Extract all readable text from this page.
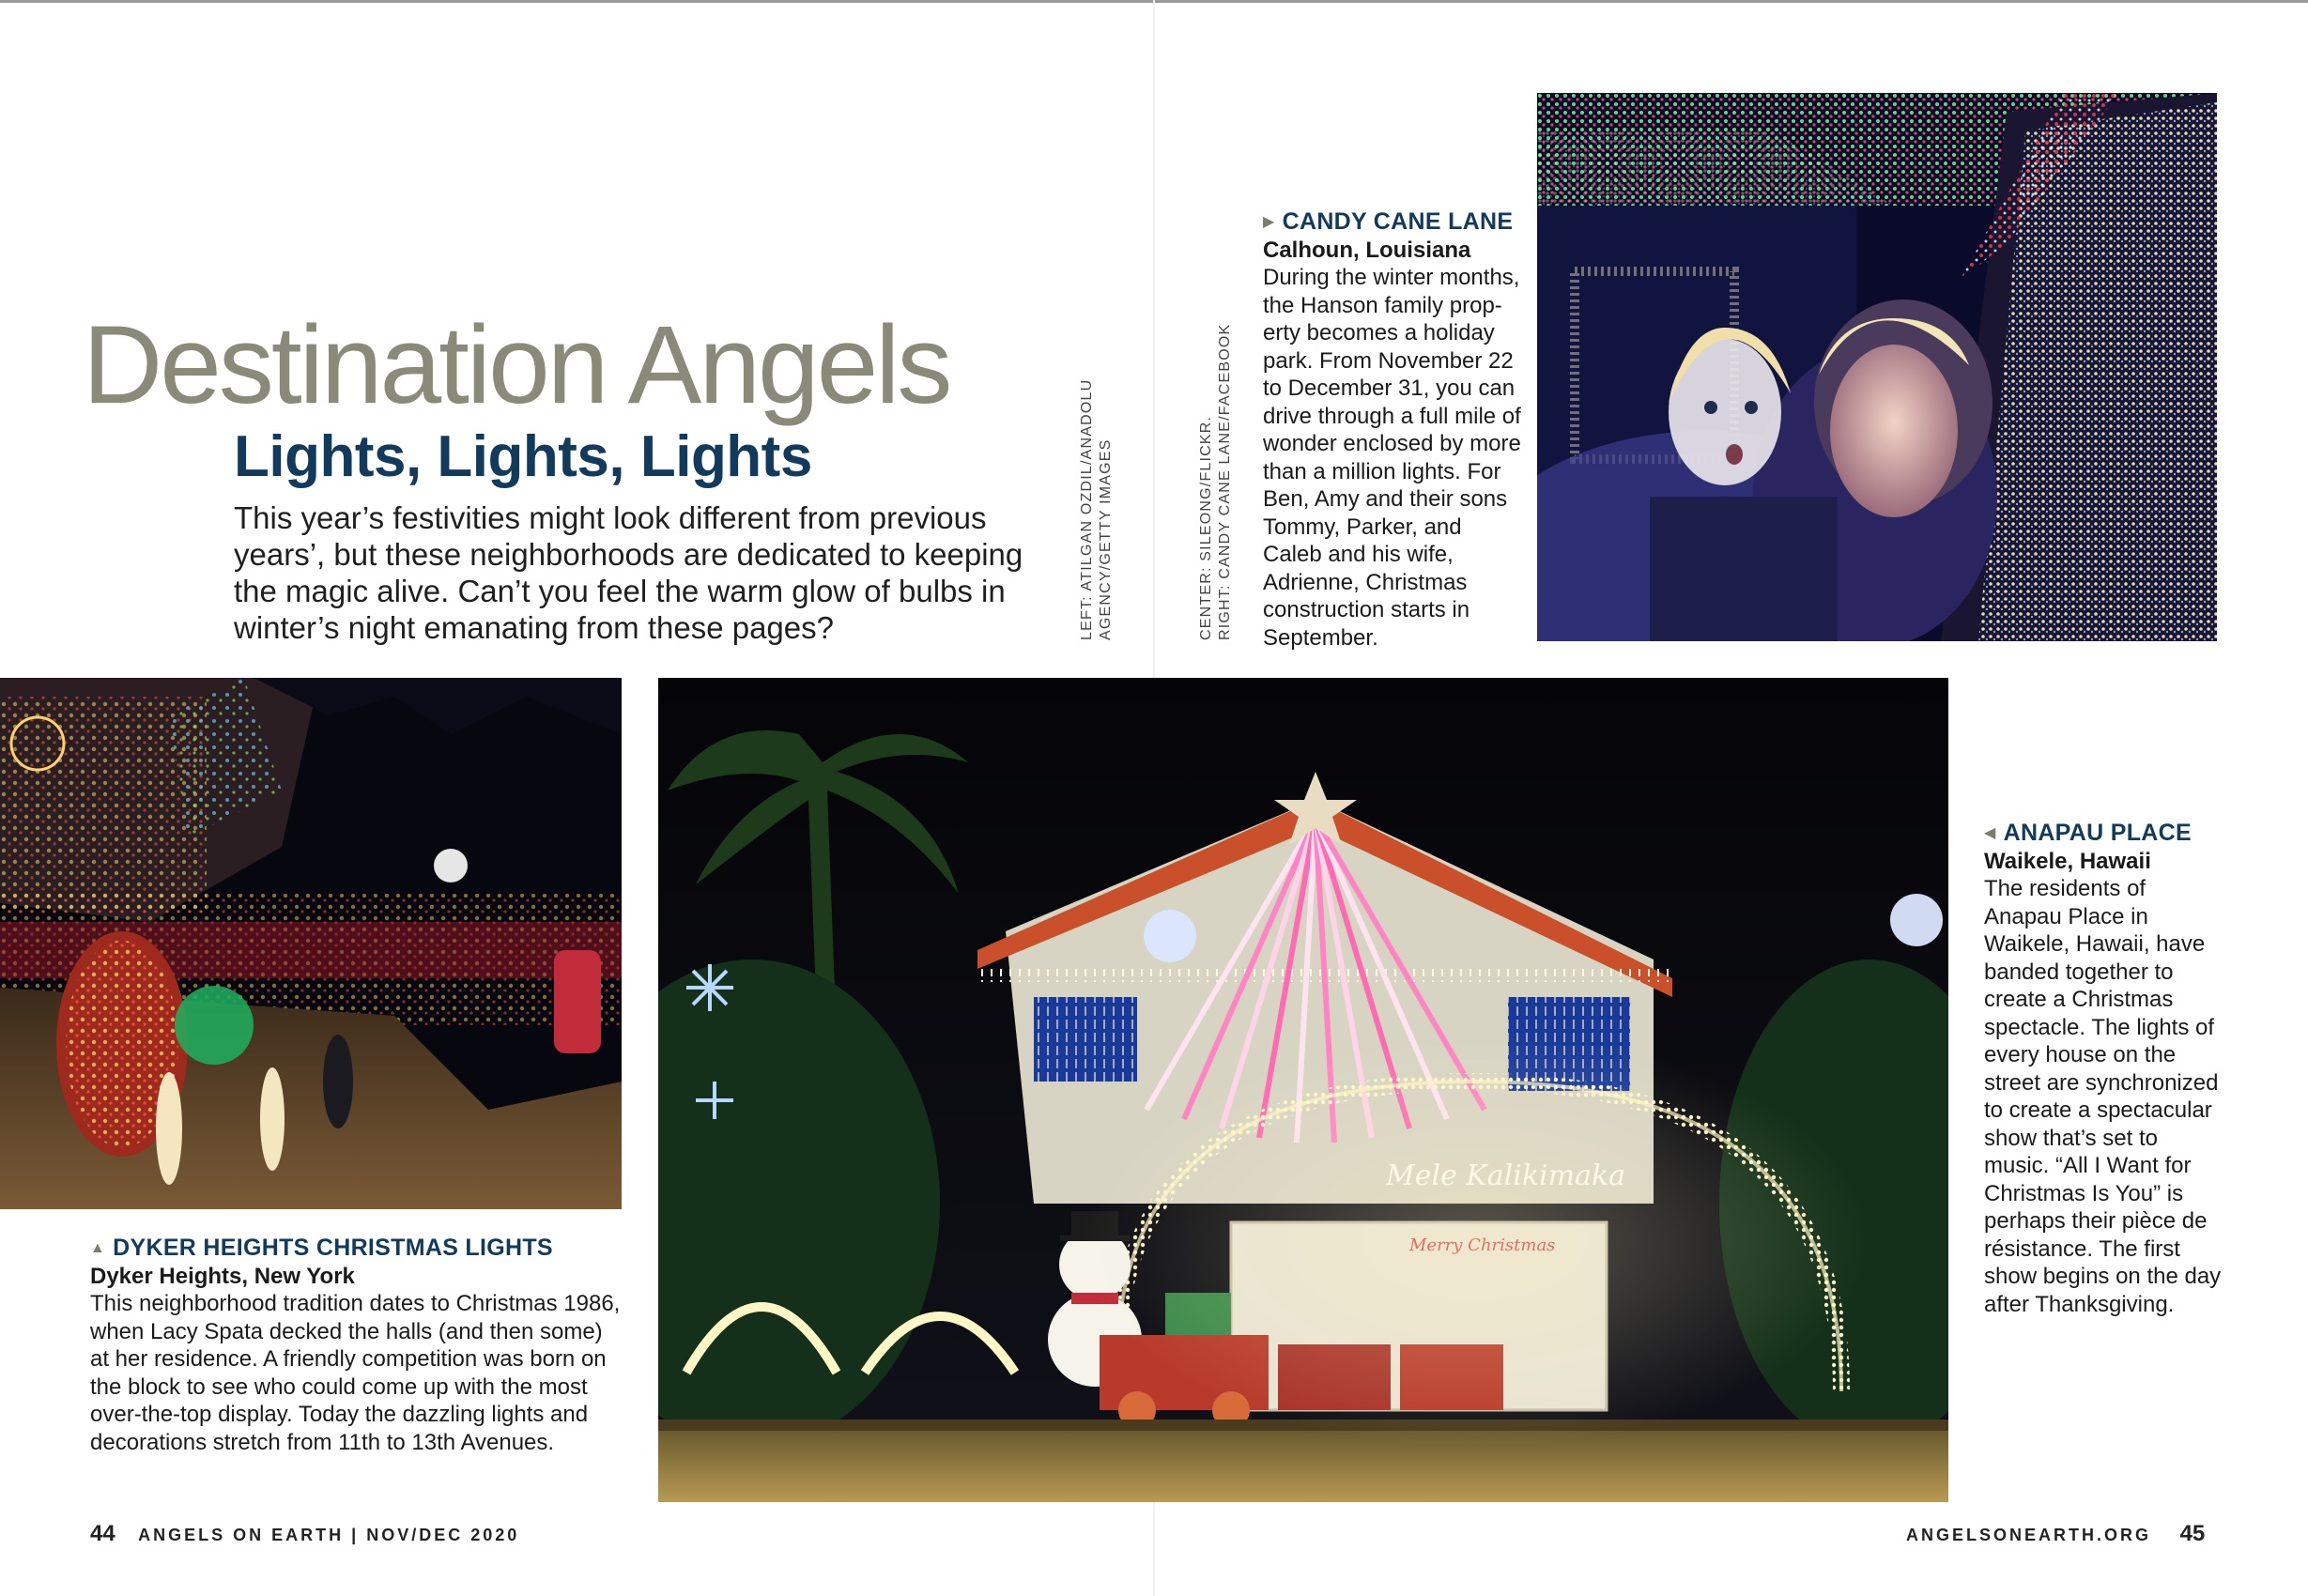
Destination Angels
Lights, Lights, Lights
This year’s festivities might look different from previous years’, but these neighborhoods are dedicated to keeping the magic alive. Can’t you feel the warm glow of bulbs in winter’s night emanating from these pages?	LEFT: ATILGAN OZDIL/ANADOLU AGENCY/GETTY IMAGES	CENTER: SILEONG/FLICKR. RIGHT: CANDY CANE LANE/FACEBOOK
▶ CANDY CANE LANE
Calhoun, Louisiana
During the winter months, the Hanson family prop-erty becomes a holiday park. From November 22 to December 31, you can drive through a full mile of wonder enclosed by more than a million lights. For Ben, Amy and their sons Tommy, Parker, and Caleb and his wife, Adrienne, Christmas construction starts in September.
▲ DYKER HEIGHTS CHRISTMAS LIGHTS
Dyker Heights, New York
This neighborhood tradition dates to Christmas 1986, when Lacy Spata decked the halls (and then some) at her residence. A friendly competition was born on the block to see who could come up with the most over-the-top display. Today the dazzling lights and decorations stretch from 11th to 13th Avenues.
Mele Kalikimaka
Merry Christmas
◀ ANAPAU PLACE
Waikele, Hawaii
The residents of Anapau Place in Waikele, Hawaii, have banded together to create a Christmas spectacle. The lights of every house on the street are synchronized to create a spectacular show that’s set to music. “All I Want for Christmas Is You” is perhaps their pièce de résistance. The first show begins on the day after Thanksgiving.
44 ANGELS ON EARTH | NOV/DEC 2020	ANGELSONEARTH.ORG 45
